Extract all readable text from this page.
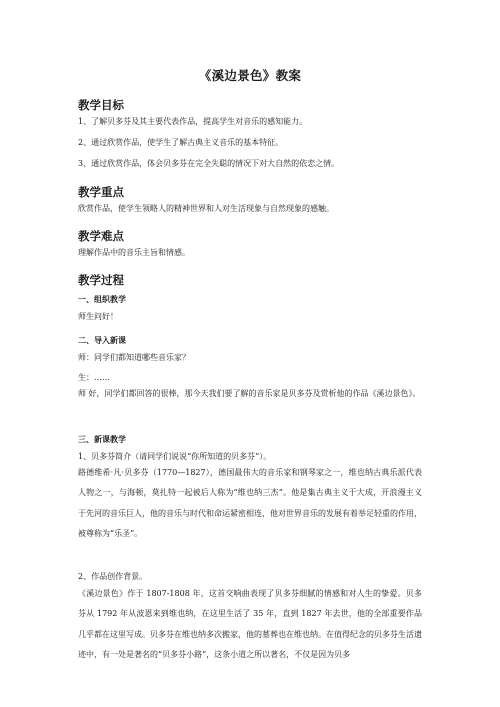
《溪边景色》教案
教学目标
1、了解贝多芬及其主要代表作品，提高学生对音乐的感知能力。
2、通过欣赏作品，使学生了解古典主义音乐的基本特征。
3、通过欣赏作品，体会贝多芬在完全失聪的情况下对大自然的依恋之情。
教学重点
欣赏作品，使学生领略人的精神世界和人对生活现象与自然现象的感触。
教学难点
理解作品中的音乐主旨和情感。
教学过程
一、组织教学
师生问好！
二、导入新课
师：同学们都知道哪些音乐家？
生：……
师 好，同学们都回答的很棒，那今天我们要了解的音乐家是贝多芬及赏析他的作品《溪边景色》。
三、新课教学
1、贝多芬简介（请同学们说说“你所知道的贝多芬”）。
路德维希·凡·贝多芬（1770—1827），德国最伟大的音乐家和钢琴家之一，维也纳古典乐派代表人物之一，与海顿，莫扎特一起被后人称为“维也纳三杰”。他是集古典主义于大成，开浪漫主义于先河的音乐巨人，他的音乐与时代和命运紧密相连，他对世界音乐的发展有着举足轻重的作用，被尊称为“乐圣”。
2、作品创作背景。
《溪边景色》作于 1807-1808 年，这首交响曲表现了贝多芬细腻的情感和对人生的挚爱。贝多芬从 1792 年从波恩来到维也纳，在这里生活了 35 年，直到 1827 年去世，他的全部重要作品几乎都在这里写成。贝多芬在维也纳多次搬家，他的墓葬也在维也纳。在值得纪念的贝多芬生活遗迹中，有一处是著名的“贝多芬小路”，这条小道之所以著名，不仅是因为贝多
